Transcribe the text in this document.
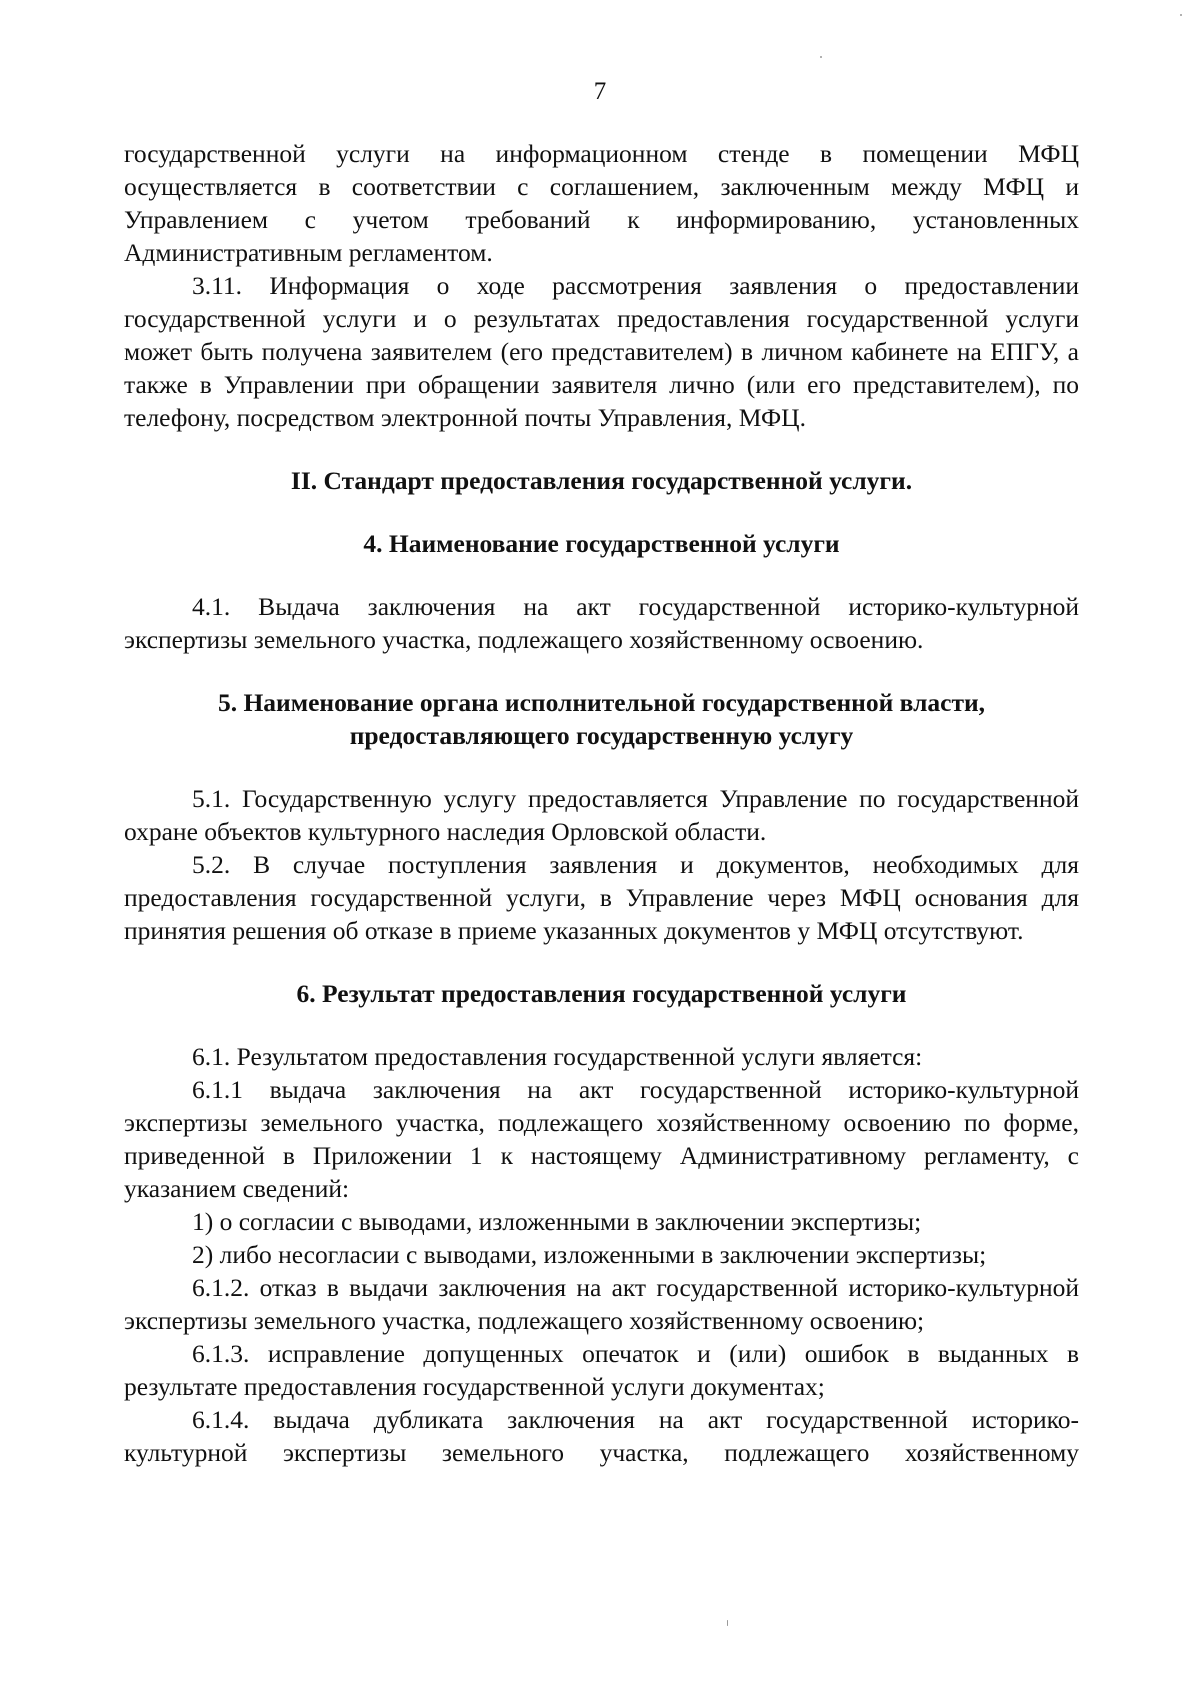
7

государственной услуги на информационном стенде в помещении МФЦ осуществляется в соответствии с соглашением, заключенным между МФЦ и Управлением с учетом требований к информированию, установленных Административным регламентом.

3.11. Информация о ходе рассмотрения заявления о предоставлении государственной услуги и о результатах предоставления государственной услуги может быть получена заявителем (его представителем) в личном кабинете на ЕПГУ, а также в Управлении при обращении заявителя лично (или его представителем), по телефону, посредством электронной почты Управления, МФЦ.

II. Стандарт предоставления государственной услуги.
4. Наименование государственной услуги

4.1. Выдача заключения на акт государственной историко-культурной экспертизы земельного участка, подлежащего хозяйственному освоению.

5. Наименование органа исполнительной государственной власти,
предоставляющего государственную услугу

5.1. Государственную услугу предоставляется Управление по государственной охране объектов культурного наследия Орловской области.

5.2. В случае поступления заявления и документов, необходимых для предоставления государственной услуги, в Управление через МФЦ основания для принятия решения об отказе в приеме указанных документов у МФЦ отсутствуют.

6. Результат предоставления государственной услуги

6.1. Результатом предоставления государственной услуги является:

6.1.1 выдача заключения на акт государственной историко-культурной экспертизы земельного участка, подлежащего хозяйственному освоению по форме, приведенной в Приложении 1 к настоящему Административному регламенту, с указанием сведений:

1) о согласии с выводами, изложенными в заключении экспертизы;

2) либо несогласии с выводами, изложенными в заключении экспертизы;

6.1.2. отказ в выдачи заключения на акт государственной историко-культурной экспертизы земельного участка, подлежащего хозяйственному освоению;

6.1.3. исправление допущенных опечаток и (или) ошибок в выданных в результате предоставления государственной услуги документах;

6.1.4. выдача дубликата заключения на акт государственной историко-культурной экспертизы земельного участка, подлежащего хозяйственному
